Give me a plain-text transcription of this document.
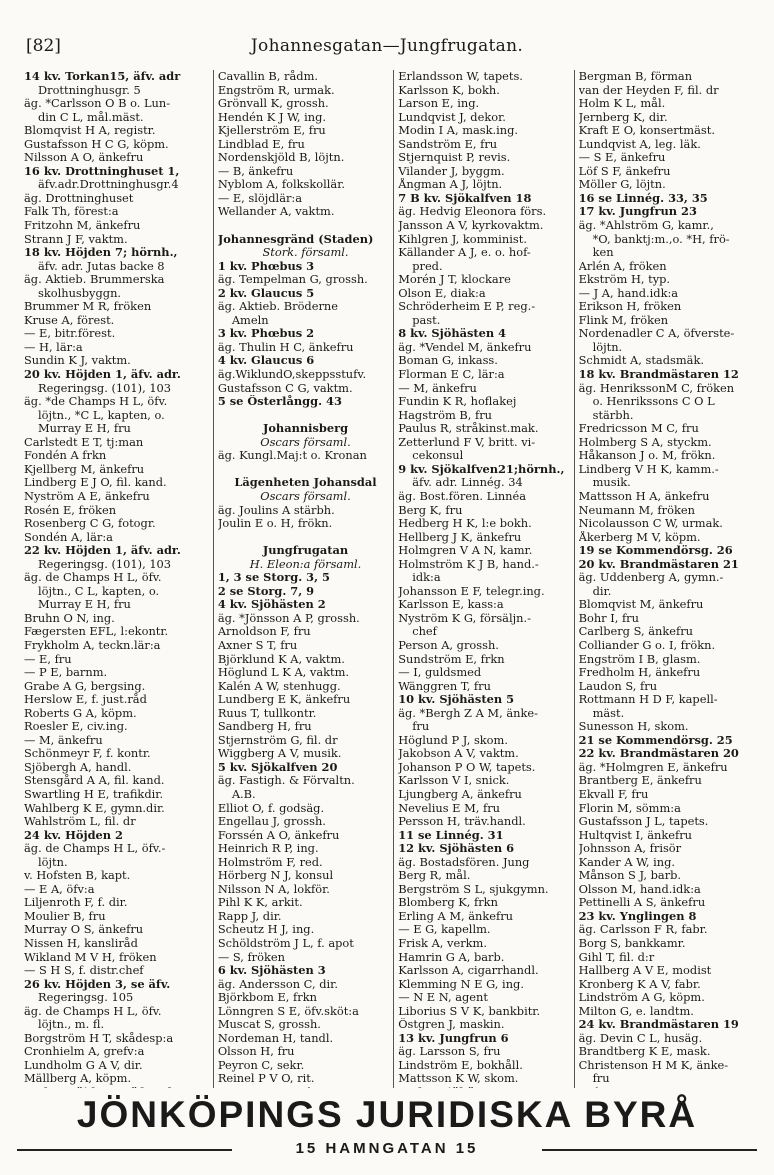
[82]	Johannesgatan—Jungfrugatan.
14 kv. Torkan15, äfv. adr
Drottninghusgr. 5
äg. *Carlsson O B o. Lun-
din C L, mål.mäst.
Blomqvist H A, registr.
Gustafsson H C G, köpm.
Nilsson A O, änkefru
16 kv. Drottninghuset 1,
äfv.adr.Drottninghusgr.4
äg. Drottninghuset
Falk Th, förest:a
Fritzohn M, änkefru
Strann J F, vaktm.
18 kv. Höjden 7; hörnh.,
äfv. adr. Jutas backe 8
äg. Aktieb. Brummerska
skolhusbyggn.
Brummer M R, fröken
Kruse A, förest.
— E, bitr.förest.
— H, lär:a
Sundin K J, vaktm.
20 kv. Höjden 1, äfv. adr.
Regeringsg. (101), 103
äg. *de Champs H L, öfv.
löjtn., *C L, kapten, o.
Murray E H, fru
Carlstedt E T, tj:man
Fondén A frkn
Kjellberg M, änkefru
Lindberg E J O, fil. kand.
Nyström A E, änkefru
Rosén E, fröken
Rosenberg C G, fotogr.
Sondén A, lär:a
22 kv. Höjden 1, äfv. adr.
Regeringsg. (101), 103
äg. de Champs H L, öfv.
löjtn., C L, kapten, o.
Murray E H, fru
Bruhn O N, ing.
Fægersten EFL, l:ekontr.
Frykholm A, teckn.lär:a
— E, fru
— P E, barnm.
Grabe A G, bergsing.
Herslow E, f. just.råd
Roberts G A, köpm.
Roesler E, civ.ing.
— M, änkefru
Schönmeyr F, f. kontr.
Sjöbergh A, handl.
Stensgård A A, fil. kand.
Swartling H E, trafikdir.
Wahlberg K E, gymn.dir.
Wahlström L, fil. dr
24 kv. Höjden 2
äg. de Champs H L, öfv.-
löjtn.
v. Hofsten B, kapt.
— E A, öfv:a
Liljenroth F, f. dir.
Moulier B, fru
Murray O S, änkefru
Nissen H, kansliråd
Wikland M V H, fröken
— S H S, f. distr.chef
26 kv. Höjden 3, se äfv.
Regeringsg. 105
äg. de Champs H L, öfv.
löjtn., m. fl.
Borgström H T, skådesp:a
Cronhielm A, grefv:a
Lundholm G A V, dir.
Mällberg A, köpm.
Cavallin B, rådm.
Engström R, urmak.
Grönvall K, grossh.
Hendén K J W, ing.
Kjellerström E, fru
Lindblad E, fru
Nordenskjöld B, löjtn.
— B, änkefru
Nyblom A, folkskollär.
— E, slöjdlär:a
Wellander A, vaktm.

Johannesgränd (Staden)
Stork. församl.
1 kv. Phœbus 3
äg. Tempelman G, grossh.
2 kv. Glaucus 5
äg. Aktieb. Bröderne
Ameln
3 kv. Phœbus 2
äg. Thulin H C, änkefru
4 kv. Glaucus 6
äg.WiklundO,skeppsstufv.
Gustafsson C G, vaktm.
5 se Österlångg. 43

Johannisberg
Oscars församl.
äg. Kungl.Maj:t o. Kronan

Lägenheten Johansdal
Oscars församl.
äg. Joulins A stärbh.
Joulin E o. H, frökn.

Jungfrugatan
H. Eleon:a församl.
1, 3 se Storg. 3, 5
2 se Storg. 7, 9
4 kv. Sjöhästen 2
äg. *Jönsson A P, grossh.
Arnoldson F, fru
Axner S T, fru
Björklund K A, vaktm.
Höglund L K A, vaktm.
Kalén A W, stenhugg.
Lundberg E K, änkefru
Ruus T, tullkontr.
Sandberg H, fru
Stjernström G, fil. dr
Wiggberg A V, musik.
5 kv. Sjökalfven 20
äg. Fastigh. & Förvaltn.
A.B.
Elliot O, f. godsäg.
Engellau J, grossh.
Forssén A O, änkefru
Heinrich R P, ing.
Holmström F, red.
Hörberg N J, konsul
Nilsson N A, lokför.
Pihl K K, arkit.
Rapp J, dir.
Scheutz H J, ing.
Schöldström J L, f. apot
— S, fröken
6 kv. Sjöhästen 3
äg. Andersson C, dir.
Björkbom E, frkn
Lönngren S E, öfv.sköt:a
Muscat S, grossh.
Nordeman H, tandl.
Olsson H, fru
Peyron C, sekr.
Reinel P V O, rit.
Erlandsson W, tapets.
Karlsson K, bokh.
Larson E, ing.
Lundqvist J, dekor.
Modin I A, mask.ing.
Sandström E, fru
Stjernquist P, revis.
Vilander J, byggm.
Ångman A J, löjtn.
7 B kv. Sjökalfven 18
äg. Hedvig Eleonora förs.
Jansson A V, kyrkovaktm.
Kihlgren J, komminist.
Källander A J, e. o. hof-
pred.
Morén J T, klockare
Olson E, diak:a
Schröderheim E P, reg.-
past.
8 kv. Sjöhästen 4
äg. *Vendel M, änkefru
Boman G, inkass.
Florman E C, lär:a
— M, änkefru
Fundin K R, hoflakej
Hagström B, fru
Paulus R, stråkinst.mak.
Zetterlund F V, britt. vi-
cekonsul
9 kv. Sjökalfven21;hörnh.,
äfv. adr. Linnég. 34
äg. Bost.fören. Linnéa
Berg K, fru
Hedberg H K, l:e bokh.
Hellberg J K, änkefru
Holmgren V A N, kamr.
Holmström K J B, hand.-
idk:a
Johansson E F, telegr.ing.
Karlsson E, kass:a
Nyström K G, försäljn.-
chef
Person A, grossh.
Sundström E, frkn
— I, guldsmed
Wänggren T, fru
10 kv. Sjöhästen 5
äg. *Bergh Z A M, änke-
fru
Höglund P J, skom.
Jakobson A V, vaktm.
Johanson P O W, tapets.
Karlsson V I, snick.
Ljungberg A, änkefru
Nevelius E M, fru
Persson H, träv.handl.
11 se Linnég. 31
12 kv. Sjöhästen 6
äg. Bostadsfören. Jung
Berg R, mål.
Bergström S L, sjukgymn.
Blomberg K, frkn
Erling A M, änkefru
— E G, kapellm.
Frisk A, verkm.
Hamrin G A, barb.
Karlsson A, cigarrhandl.
Klemming N E G, ing.
— N E N, agent
Liborius S V K, bankbitr.
Östgren J, maskin.
13 kv. Jungfrun 6
äg. Larsson S, fru
Lindström E, bokhåll.
Mattsson K W, skom.
Bergman B, förman
van der Heyden F, fil. dr
Holm K L, mål.
Jernberg K, dir.
Kraft E O, konsertmäst.
Lundqvist A, leg. läk.
— S E, änkefru
Löf S F, änkefru
Möller G, löjtn.
16 se Linnég. 33, 35
17 kv. Jungfrun 23
äg. *Ahlström G, kamr.,
*O, banktj:m.,o. *H, frö-
ken
Arlén A, fröken
Ekström H, typ.
— J A, hand.idk:a
Erikson H, fröken
Flink M, fröken
Nordenadler C A, öfverste-
löjtn.
Schmidt A, stadsmäk.
18 kv. Brandmästaren 12
äg. HenrikssonM C, fröken
o. Henrikssons C O L
stärbh.
Fredricsson M C, fru
Holmberg S A, styckm.
Håkanson J o. M, frökn.
Lindberg V H K, kamm.-
musik.
Mattsson H A, änkefru
Neumann M, fröken
Nicolausson C W, urmak.
Åkerberg M V, köpm.
19 se Kommendörsg. 26
20 kv. Brandmästaren 21
äg. Uddenberg A, gymn.-
dir.
Blomqvist M, änkefru
Bohr I, fru
Carlberg S, änkefru
Colliander G o. I, frökn.
Engström I B, glasm.
Fredholm H, änkefru
Laudon S, fru
Rottmann H D F, kapell-
mäst.
Sunesson H, skom.
21 se Kommendörsg. 25
22 kv. Brandmästaren 20
äg. *Holmgren E, änkefru
Brantberg E, änkefru
Ekvall F, fru
Florin M, sömm:a
Gustafsson J L, tapets.
Hultqvist I, änkefru
Johnsson A, frisör
Kander A W, ing.
Månson S J, barb.
Olsson M, hand.idk:a
Pettinelli A S, änkefru
23 kv. Ynglingen 8
äg. Carlsson F R, fabr.
Borg S, bankkamr.
Gihl T, fil. d:r
Hallberg A V E, modist
Kronberg K A V, fabr.
Lindström A G, köpm.
Milton G, e. landtm.
24 kv. Brandmästaren 19
äg. Devin C L, husäg.
Brandtberg K E, mask.
Christenson H M K, änke-
fru
JÖNKÖPINGS JURIDISKA BYRÅ
15 HAMNGATAN 15
